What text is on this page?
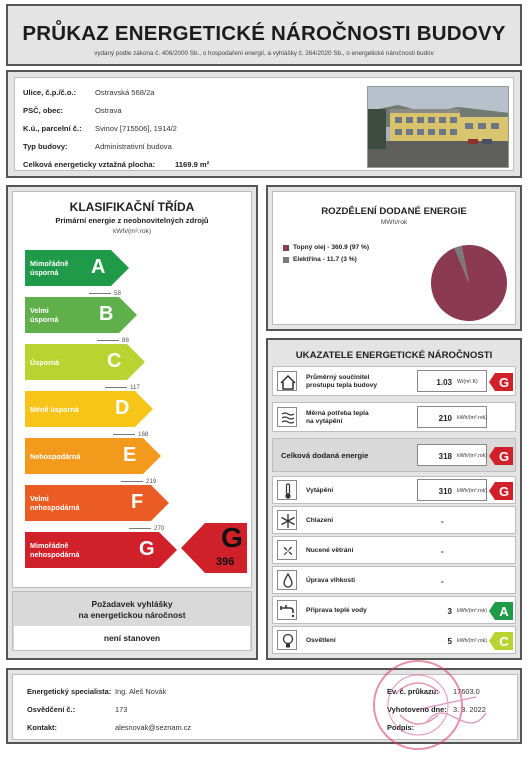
PRŮKAZ ENERGETICKÉ NÁROČNOSTI BUDOVY
vydaný podle zákona č. 406/2000 Sb., o hospodaření energií, a vyhlášky č. 264/2020 Sb., o energetické náročnosti budov
Ulice, č.p./č.o.: Ostravská 568/2a
PSČ, obec:	Ostrava
K.ú., parcelní č.: Svinov [715506], 1914/2
Typ budovy:	Administrativní budova
Celková energeticky vztažná plocha:	1169.9 m²
KLASIFIKAČNÍ TŘÍDA
Primární energie z neobnovitelných zdrojů
kWh/(m².rok)
Mimořádně
úsporná	A
58
Velmi
úsporná B
88
Úsporná C
117
Méně úsporná D
168
Nehospodárná E
219
Velmi
nehospodárná	F
270
Mimořádně
nehospodárná	G G
396
Požadavek vyhlášky
na energetickou náročnost
není stanoven
ROZDĚLENÍ DODANÉ ENERGIE
MWh/rok
Topný olej - 360.9 (97 %)
Elektřina - 11.7 (3 %)
UKAZATELE ENERGETICKÉ NÁROČNOSTI
Průměrný součinitel
prostupu tepla budovy	1.03 W/(m².K) G
Měrná potřeba tepla
na vytápění	210 kWh/(m².rok)
Celková dodaná energie	318 kWh/(m².rok) G
Vytápění	310 kWh/(m².rok) G
Chlazení	-
Nucené větrání	-
Úprava vlhkosti	-
Příprava teplé vody	3 kWh/(m².rok) A
Osvětlení	5 kWh/(m².rok) C
Energetický specialista: Ing. Aleš Novák
Osvědčení č.:	173
Kontakt:	alesnovak@seznam.cz
Ev. č. průkazu: 17603.0
Vyhotoveno dne: 3. 3. 2022
Podpis:
